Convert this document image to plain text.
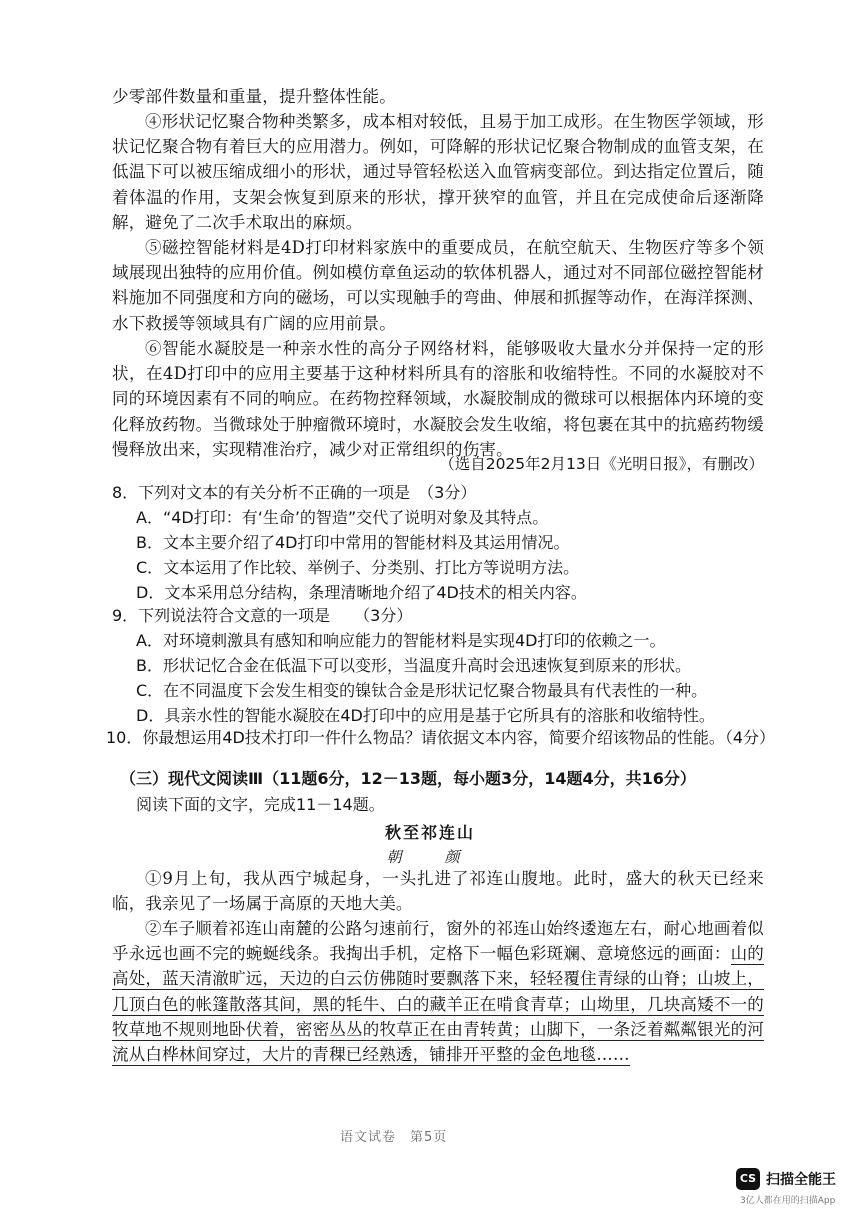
少零部件数量和重量，提升整体性能。

④形状记忆聚合物种类繁多，成本相对较低，且易于加工成形。在生物医学领域，形状记忆聚合物有着巨大的应用潜力。例如，可降解的形状记忆聚合物制成的血管支架，在低温下可以被压缩成细小的形状，通过导管轻松送入血管病变部位。到达指定位置后，随着体温的作用，支架会恢复到原来的形状，撑开狭窄的血管，并且在完成使命后逐渐降解，避免了二次手术取出的麻烦。

⑤磁控智能材料是4D打印材料家族中的重要成员，在航空航天、生物医疗等多个领域展现出独特的应用价值。例如模仿章鱼运动的软体机器人，通过对不同部位磁控智能材料施加不同强度和方向的磁场，可以实现触手的弯曲、伸展和抓握等动作，在海洋探测、水下救援等领域具有广阔的应用前景。

⑥智能水凝胶是一种亲水性的高分子网络材料，能够吸收大量水分并保持一定的形状，在4D打印中的应用主要基于这种材料所具有的溶胀和收缩特性。不同的水凝胶对不同的环境因素有不同的响应。在药物控释领域，水凝胶制成的微球可以根据体内环境的变化释放药物。当微球处于肿瘤微环境时，水凝胶会发生收缩，将包裹在其中的抗癌药物缓慢释放出来，实现精准治疗，减少对正常组织的伤害。

（选自2025年2月13日《光明日报》，有删改）
8．下列对文本的有关分析不正确的一项是　（3分）
A．“4D打印：有‘生命’的智造”交代了说明对象及其特点。
B．文本主要介绍了4D打印中常用的智能材料及其运用情况。
C．文本运用了作比较、举例子、分类别、打比方等说明方法。
D．文本采用总分结构，条理清晰地介绍了4D技术的相关内容。
9．下列说法符合文意的一项是　　（3分）
A．对环境刺激具有感知和响应能力的智能材料是实现4D打印的依赖之一。
B．形状记忆合金在低温下可以变形，当温度升高时会迅速恢复到原来的形状。
C．在不同温度下会发生相变的镍钛合金是形状记忆聚合物最具有代表性的一种。
D．具亲水性的智能水凝胶在4D打印中的应用是基于它所具有的溶胀和收缩特性。
10．你最想运用4D技术打印一件什么物品？请依据文本内容，简要介绍该物品的性能。（4分）
（三）现代文阅读Ⅲ（11题6分，12－13题，每小题3分，14题4分，共16分）
阅读下面的文字，完成11－14题。
秋至祁连山
朝　颜

①9月上旬，我从西宁城起身，一头扎进了祁连山腹地。此时，盛大的秋天已经来临，我亲见了一场属于高原的天地大美。

②车子顺着祁连山南麓的公路匀速前行，窗外的祁连山始终逶迤左右，耐心地画着似乎永远也画不完的蜿蜒线条。我掏出手机，定格下一幅色彩斑斓、意境悠远的画面：山的高处，蓝天清澈旷远，天边的白云仿佛随时要飘落下来，轻轻覆住青绿的山脊；山坡上，几顶白色的帐篷散落其间，黑的牦牛、白的藏羊正在啃食青草；山坳里，几块高矮不一的牧草地不规则地卧伏着，密密丛丛的牧草正在由青转黄；山脚下，一条泛着粼粼银光的河流从白桦林间穿过，大片的青稞已经熟透，铺排开平整的金色地毯……

语文试卷　第5页
CS 扫描全能王
3亿人都在用的扫描App
